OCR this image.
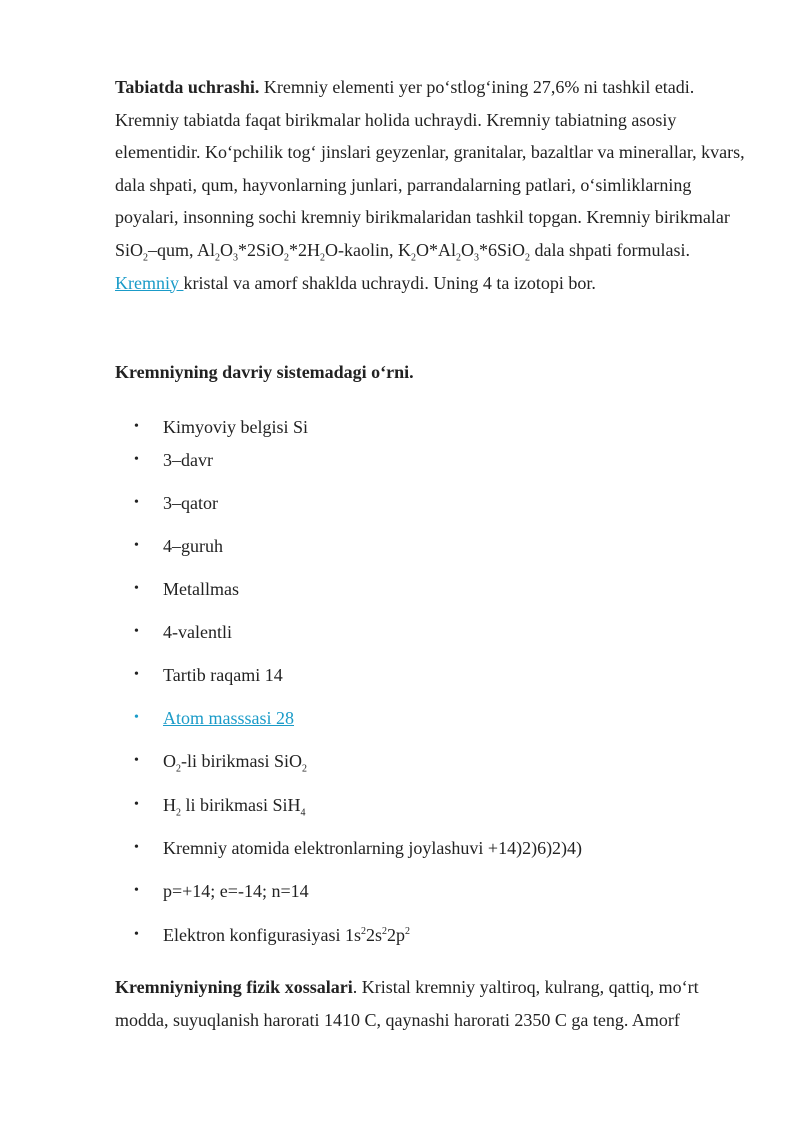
Tabiatda uchrashi. Kremniy elementi yer po‘stlog‘ining 27,6% ni tashkil etadi. Kremniy tabiatda faqat birikmalar holida uchraydi. Kremniy tabiatning asosiy elementidir. Ko‘pchilik tog‘ jinslari geyzenlar, granitalar, bazaltlar va minerallar, kvars, dala shpati, qum, hayvonlarning junlari, parrandalarning patlari, o‘simliklarning poyalari, insonning sochi kremniy birikmalaridan tashkil topgan. Kremniy birikmalar SiO$_2$–qum, $Al_2O_3*2SiO_2*2H_2O$-kaolin, $K_2O*Al_2O_3*6SiO_2$ dala shpati formulasi. Kremniy kristal va amorf shaklda uchraydi. Uning 4 ta izotopi bor.

Kremniyning davriy sistemadagi o‘rni.

• Kimyoviy belgisi Si
• 3–davr
• 3–qator
• 4–guruh
• Metallmas
• 4-valentli
• Tartib raqami 14
• Atom masssasi 28
• $O_2-li$ birikmasi SiO$_2$
• $H_2$ li birikmasi SiH$_4$
• Kremniy atomida elektronlarning joylashuvi +14)2)6)2)4)
• p=+14; e=-14; n=14
• Elektron konfigurasiyasi $1s^22s^22p^2$

Kremniyniyning fizik xossalari. Kristal kremniy yaltiroq, kulrang, qattiq, mo‘rt modda, suyuqlanish harorati 1410 C, qaynashi harorati 2350 C ga teng. Amorf
